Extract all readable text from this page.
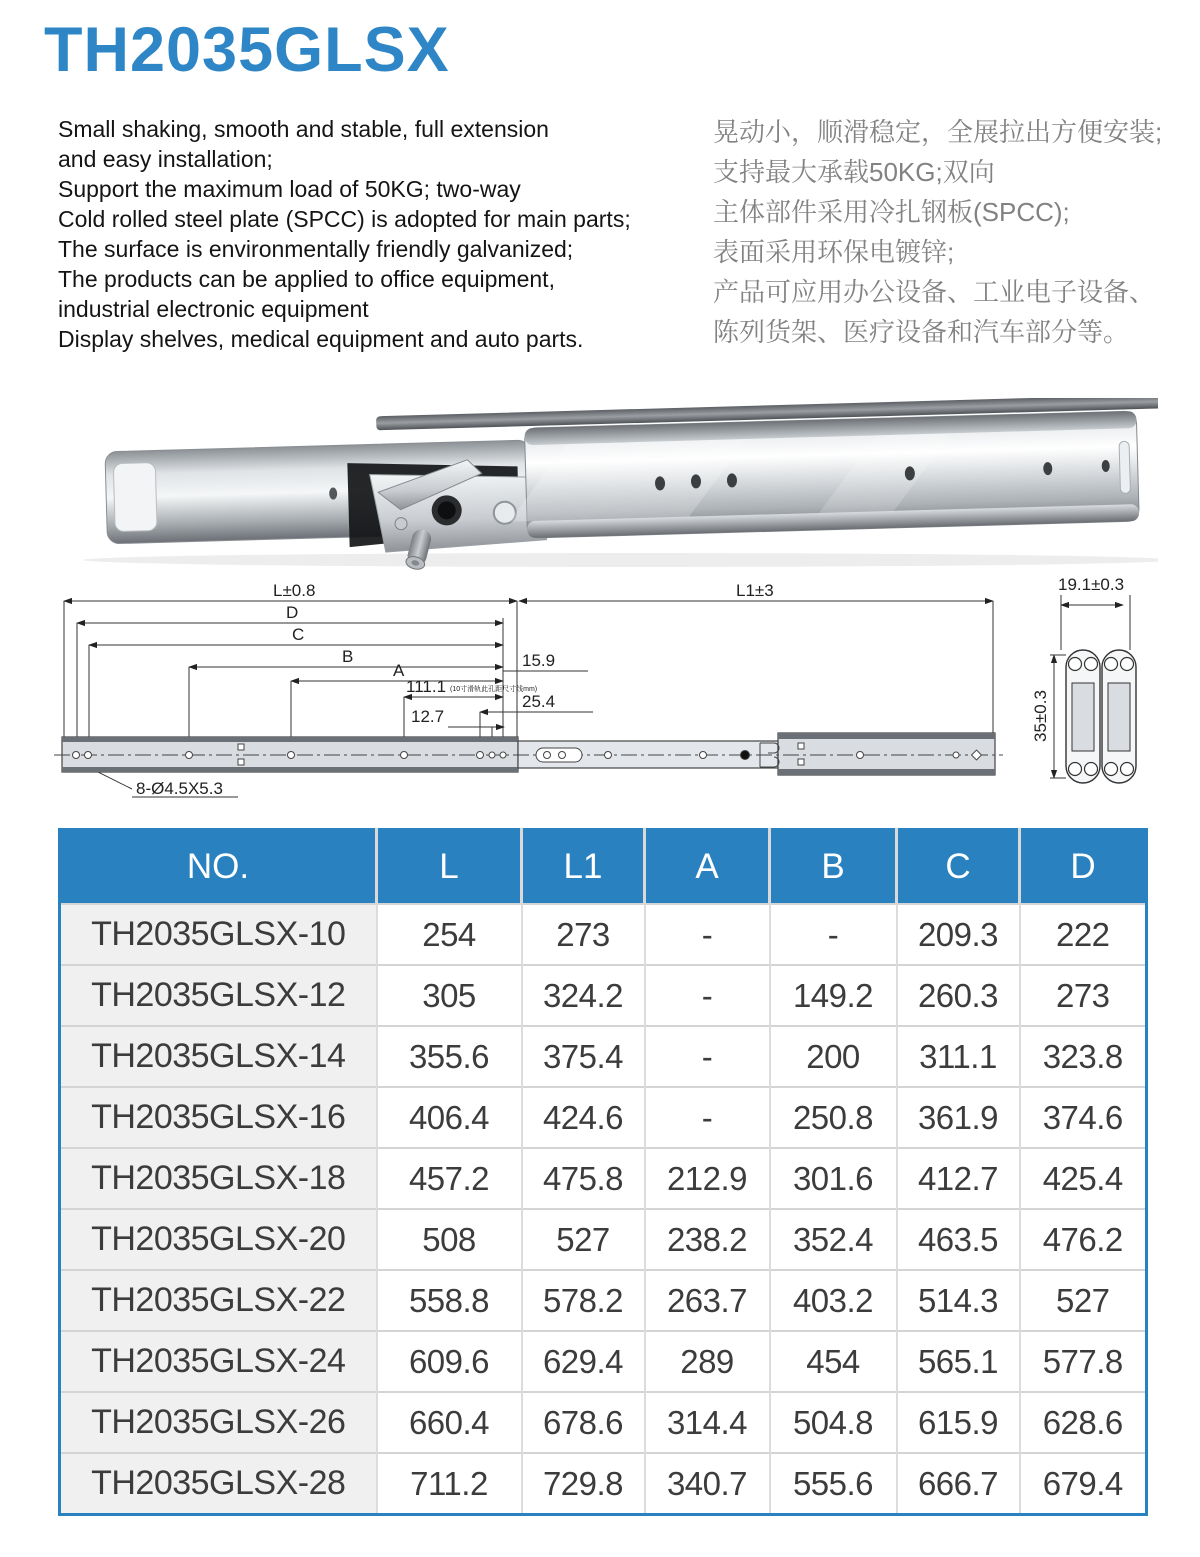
TH2035GLSX
Small shaking, smooth and stable, full extension
and easy installation;
Support the maximum load of 50KG; two-way
Cold rolled steel plate (SPCC) is adopted for main parts;
The surface is environmentally friendly galvanized;
The products can be applied to office equipment,
industrial electronic equipment
Display shelves, medical equipment and auto parts.
晃动小，顺滑稳定，全展拉出方便安装;
支持最大承载50KG;双向
主体部件采用冷扎钢板(SPCC);
表面采用环保电镀锌;
产品可应用办公设备、工业电子设备、
陈列货架、医疗设备和汽车部分等。
L±0.8
D
C
B
A
111.1 (10寸滑轨此孔距尺寸线mm)
15.9
25.4
12.7
L1±3
8-Ø4.5X5.3
19.1±0.3
35±0.3
NO.	L	L1	A	B	C	D
TH2035GLSX-10	254	273	-	-	209.3	222
TH2035GLSX-12	305	324.2	-	149.2	260.3	273
TH2035GLSX-14	355.6	375.4	-	200	311.1	323.8
TH2035GLSX-16	406.4	424.6	-	250.8	361.9	374.6
TH2035GLSX-18	457.2	475.8	212.9	301.6	412.7	425.4
TH2035GLSX-20	508	527	238.2	352.4	463.5	476.2
TH2035GLSX-22	558.8	578.2	263.7	403.2	514.3	527
TH2035GLSX-24	609.6	629.4	289	454	565.1	577.8
TH2035GLSX-26	660.4	678.6	314.4	504.8	615.9	628.6
TH2035GLSX-28	711.2	729.8	340.7	555.6	666.7	679.4
